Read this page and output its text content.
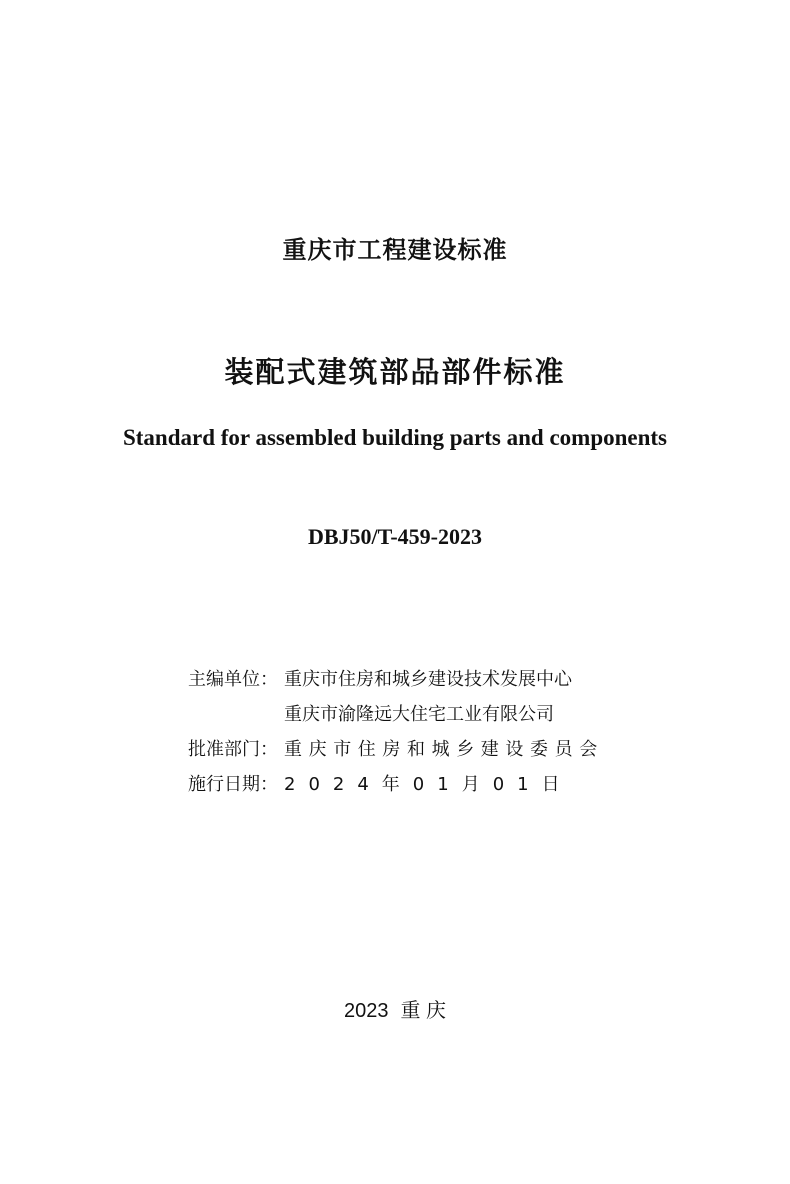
重庆市工程建设标准
装配式建筑部品部件标准
Standard for assembled building parts and components
DBJ50/T-459-2023
主编单位： 重庆市住房和城乡建设技术发展中心
重庆市渝隆远大住宅工业有限公司
批准部门： 重庆市住房和城乡建设委员会
施行日期： 2024年01月01日
2023 重 庆
